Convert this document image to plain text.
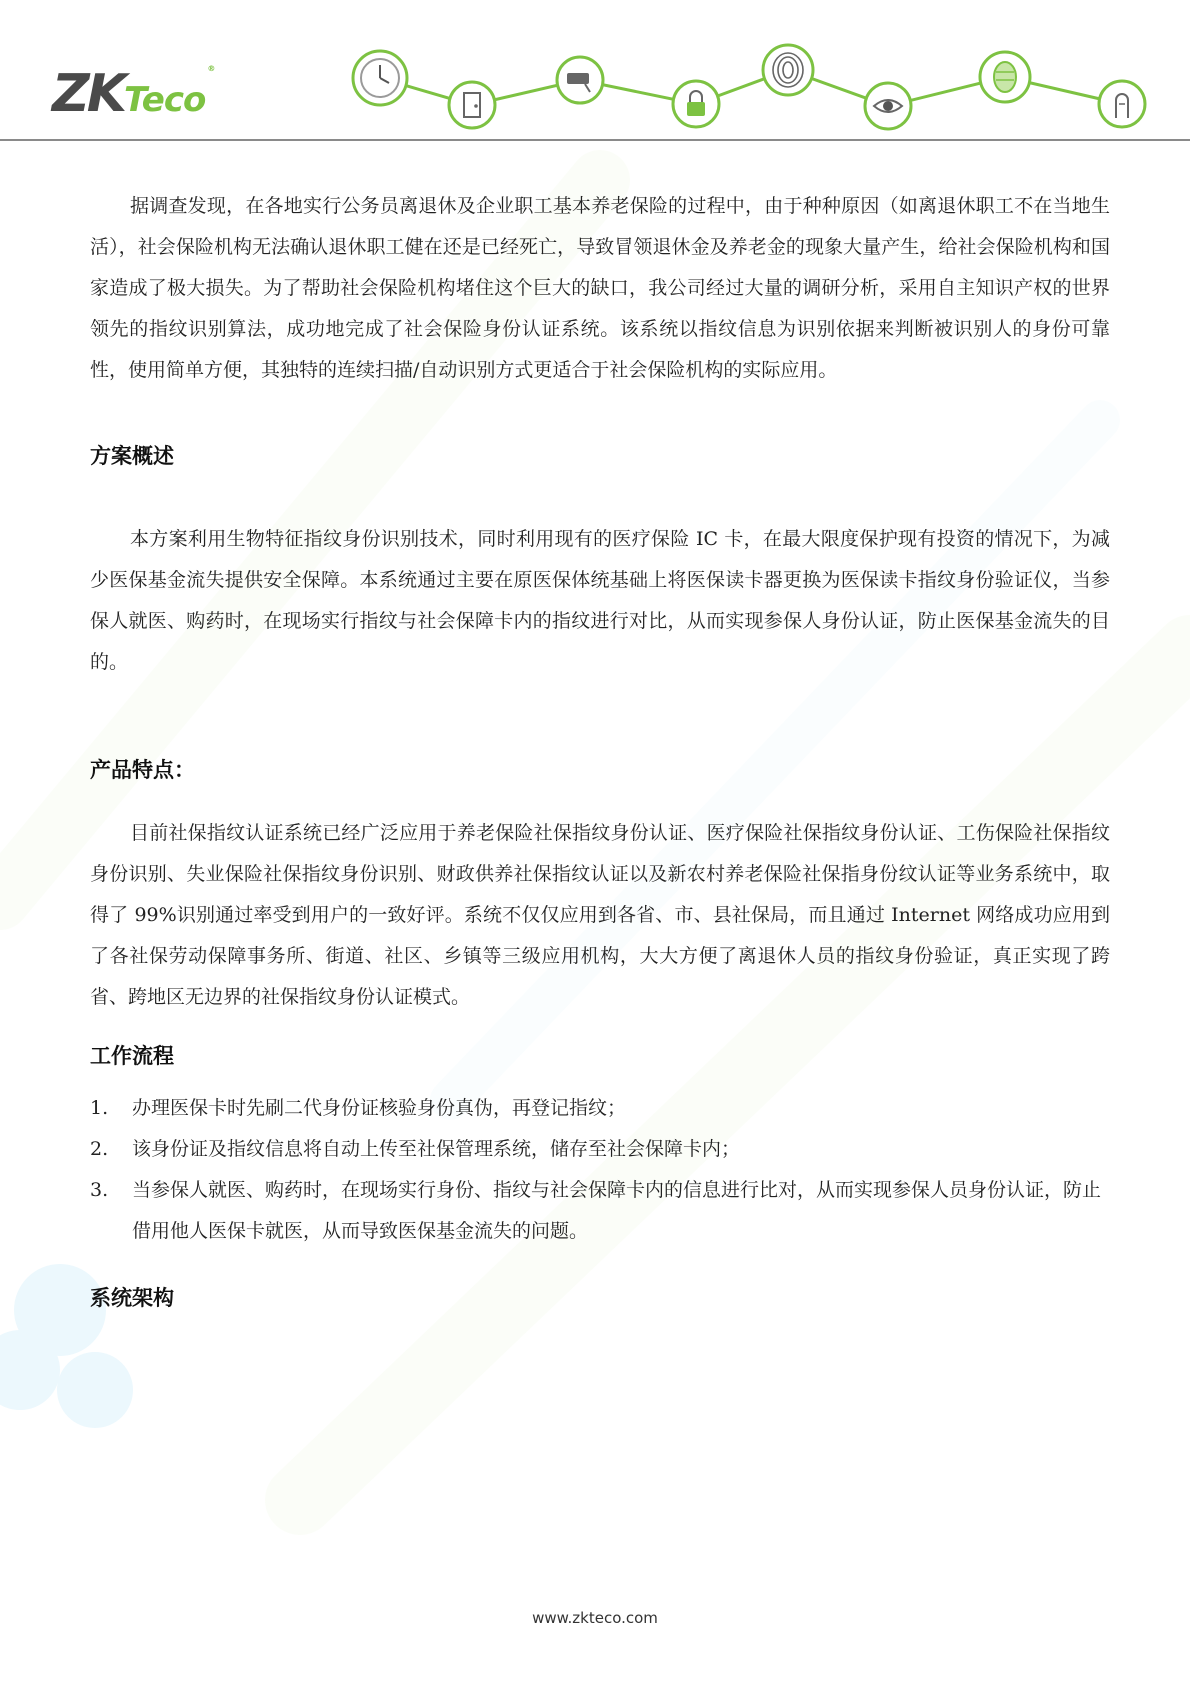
ZK Teco
®

据调查发现，在各地实行公务员离退休及企业职工基本养老保险的过程中，由于种种原因（如离退休职工不在当地生活），社会保险机构无法确认退休职工健在还是已经死亡，导致冒领退休金及养老金的现象大量产生，给社会保险机构和国家造成了极大损失。为了帮助社会保险机构堵住这个巨大的缺口，我公司经过大量的调研分析，采用自主知识产权的世界领先的指纹识别算法，成功地完成了社会保险身份认证系统。该系统以指纹信息为识别依据来判断被识别人的身份可靠性，使用简单方便，其独特的连续扫描/自动识别方式更适合于社会保险机构的实际应用。

方案概述

本方案利用生物特征指纹身份识别技术，同时利用现有的医疗保险 IC 卡，在最大限度保护现有投资的情况下，为减少医保基金流失提供安全保障。本系统通过主要在原医保体统基础上将医保读卡器更换为医保读卡指纹身份验证仪，当参保人就医、购药时，在现场实行指纹与社会保障卡内的指纹进行对比，从而实现参保人身份认证，防止医保基金流失的目的。

产品特点：

目前社保指纹认证系统已经广泛应用于养老保险社保指纹身份认证、医疗保险社保指纹身份认证、工伤保险社保指纹身份识别、失业保险社保指纹身份识别、财政供养社保指纹认证以及新农村养老保险社保指身份纹认证等业务系统中，取得了 99%识别通过率受到用户的一致好评。系统不仅仅应用到各省、市、县社保局，而且通过 Internet 网络成功应用到了各社保劳动保障事务所、街道、社区、乡镇等三级应用机构，大大方便了离退休人员的指纹身份验证，真正实现了跨省、跨地区无边界的社保指纹身份认证模式。

工作流程
1.	办理医保卡时先刷二代身份证核验身份真伪，再登记指纹；
2.	该身份证及指纹信息将自动上传至社保管理系统，储存至社会保障卡内；
3.	当参保人就医、购药时，在现场实行身份、指纹与社会保障卡内的信息进行比对，从而实现参保人员身份认证，防止借用他人医保卡就医，从而导致医保基金流失的问题。
系统架构
www.zkteco.com
